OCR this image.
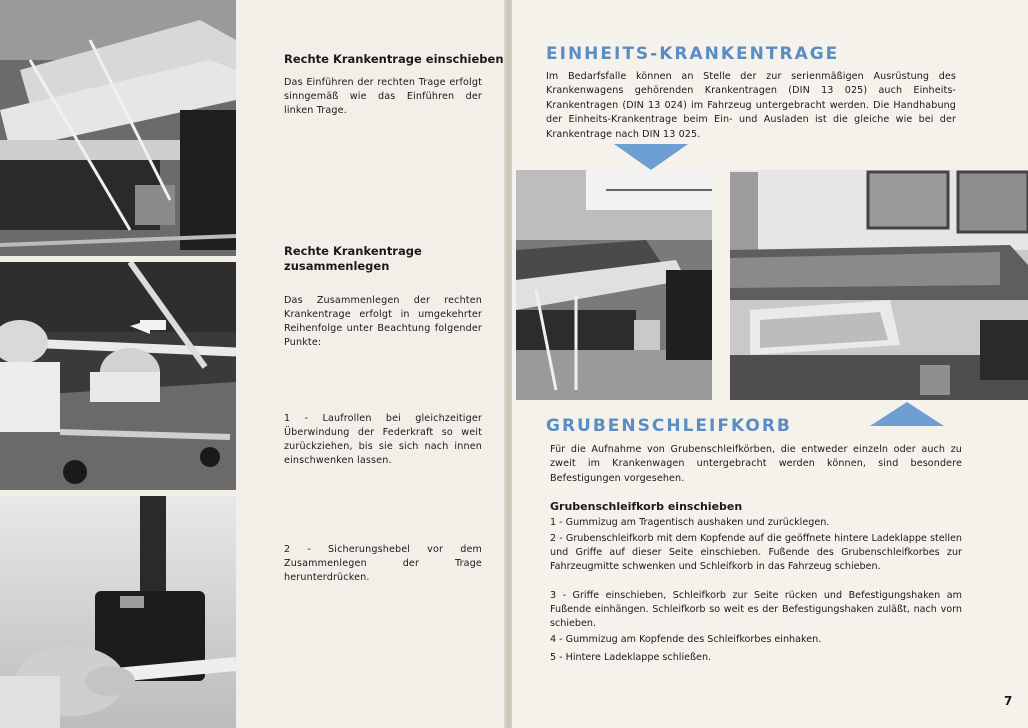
Rechte Krankentrage einschieben
Das Einführen der rechten Trage erfolgt sinngemäß wie das Einführen der linken Trage.
Rechte Krankentrage
zusammenlegen
Das Zusammenlegen der rechten Krankentrage erfolgt in umgekehrter Reihenfolge unter Beachtung folgender Punkte:
1 - Laufrollen bei gleichzeitiger Überwindung der Federkraft so weit zurückziehen, bis sie sich nach innen einschwenken lassen.
2 - Sicherungshebel vor dem Zusammenlegen der Trage herunterdrücken.
EINHEITS-KRANKENTRAGE
Im Bedarfsfalle können an Stelle der zur serienmäßigen Ausrüstung des Krankenwagens gehörenden Krankentragen (DIN 13 025) auch Einheits-Krankentragen (DIN 13 024) im Fahrzeug untergebracht werden. Die Handhabung der Einheits-Krankentrage beim Ein- und Ausladen ist die gleiche wie bei der Krankentrage nach DIN 13 025.
GRUBENSCHLEIFKORB
Für die Aufnahme von Grubenschleifkörben, die entweder einzeln oder auch zu zweit im Krankenwagen untergebracht werden können, sind besondere Befestigungen vorgesehen.
Grubenschleifkorb einschieben
1 - Gummizug am Tragentisch aushaken und zurücklegen.
2 - Grubenschleifkorb mit dem Kopfende auf die geöffnete hintere Ladeklappe stellen und Griffe auf dieser Seite einschieben. Fußende des Grubenschleifkorbes zur Fahrzeugmitte schwenken und Schleifkorb in das Fahrzeug schieben.
3 - Griffe einschieben, Schleifkorb zur Seite rücken und Befestigungshaken am Fußende einhängen. Schleifkorb so weit es der Befestigungshaken zuläßt, nach vorn schieben.
4 - Gummizug am Kopfende des Schleifkorbes einhaken.
5 - Hintere Ladeklappe schließen.
7
